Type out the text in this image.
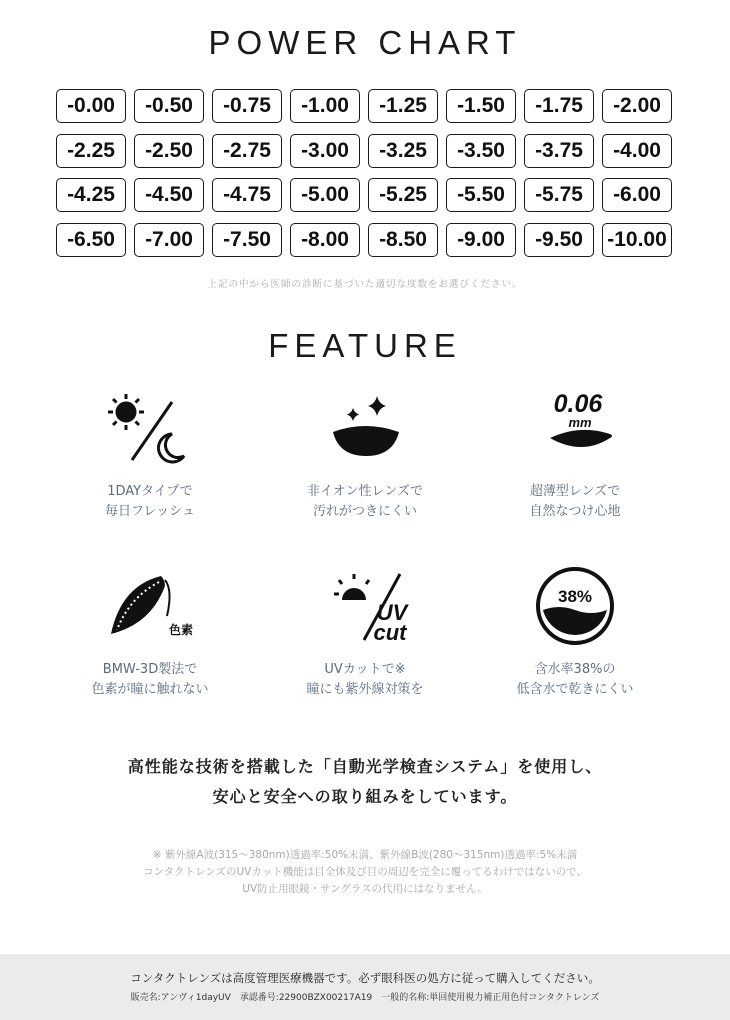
POWER CHART
-0.00	-0.50	-0.75	-1.00	-1.25	-1.50	-1.75	-2.00
-2.25	-2.50	-2.75	-3.00	-3.25	-3.50	-3.75	-4.00
-4.25	-4.50	-4.75	-5.00	-5.25	-5.50	-5.75	-6.00
-6.50	-7.00	-7.50	-8.00	-8.50	-9.00	-9.50	-10.00
上記の中から医師の診断に基づいた適切な度数をお選びください。
FEATURE
1DAYタイプで
毎日フレッシュ
非イオン性レンズで
汚れがつきにくい
0.06
mm
超薄型レンズで
自然なつけ心地
色素
BMW-3D製法で
色素が瞳に触れない
UV
cut
UVカットで※
瞳にも紫外線対策を
38%
含水率38%の
低含水で乾きにくい
高性能な技術を搭載した「自動光学検査システム」を使用し、
安心と安全への取り組みをしています。
※ 紫外線A波(315〜380nm)透過率:50%未満、紫外線B波(280〜315nm)透過率:5%未満
コンタクトレンズのUVカット機能は目全体及び目の周辺を完全に覆ってるわけではないので、
UV防止用眼鏡・サングラスの代用にはなりません。
コンタクトレンズは高度管理医療機器です。必ず眼科医の処方に従って購入してください。
販売名:アンヴィ1dayUV　承認番号:22900BZX00217A19　一般的名称:単回使用視力補正用色付コンタクトレンズ
